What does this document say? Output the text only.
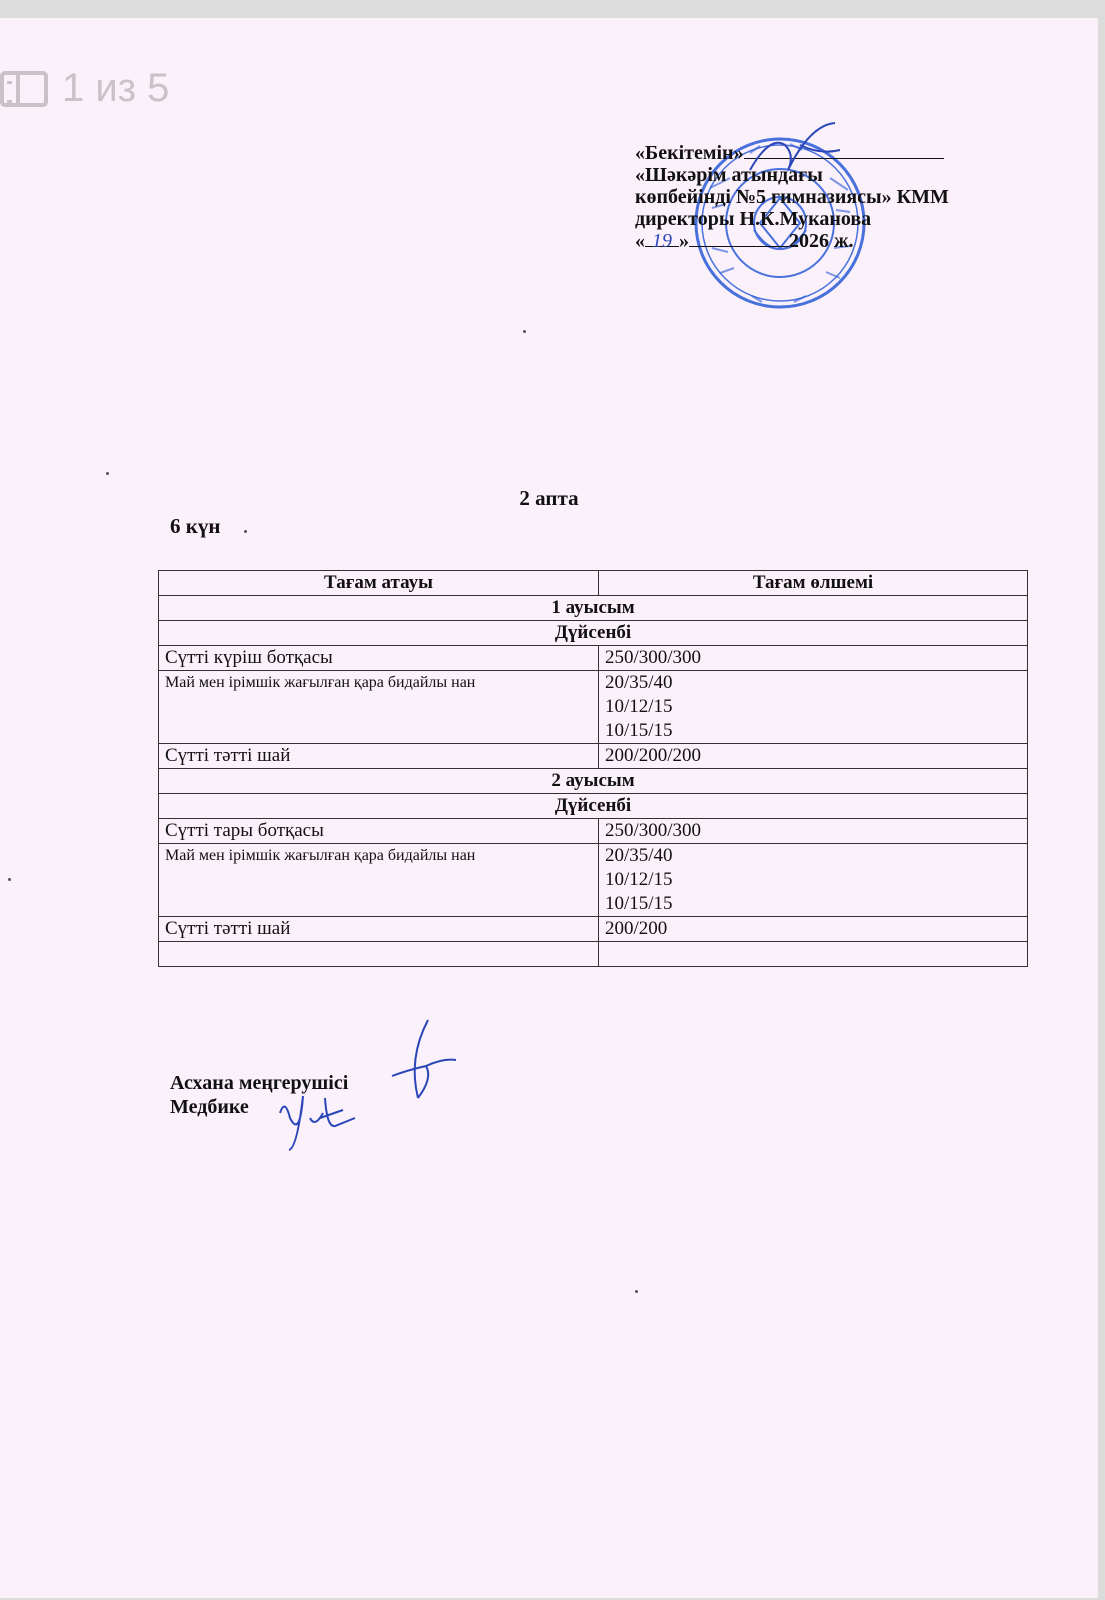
1 из 5
«Бекітемін»
«Шәкәрім атындағы
көпбейінді №5 гимназиясы» КММ
директоры Н.К.Муканова
« 19 »	2026 ж.
2 апта
6 күн
Тағам атауы	Тағам өлшемі
1 ауысым	
Дүйсенбі	
Сүтті күріш ботқасы	250/300/300
Май мен ірімшік жағылған қара бидайлы нан	20/35/40
10/12/15
10/15/15

Сүтті тәтті шай	200/200/200
2 ауысым	
Дүйсенбі	
Сүтті тары ботқасы	250/300/300
Май мен ірімшік жағылған қара бидайлы нан	20/35/40
10/12/15
10/15/15

Сүтті тәтті шай	200/200

Асхана меңгерушісі
Медбике
